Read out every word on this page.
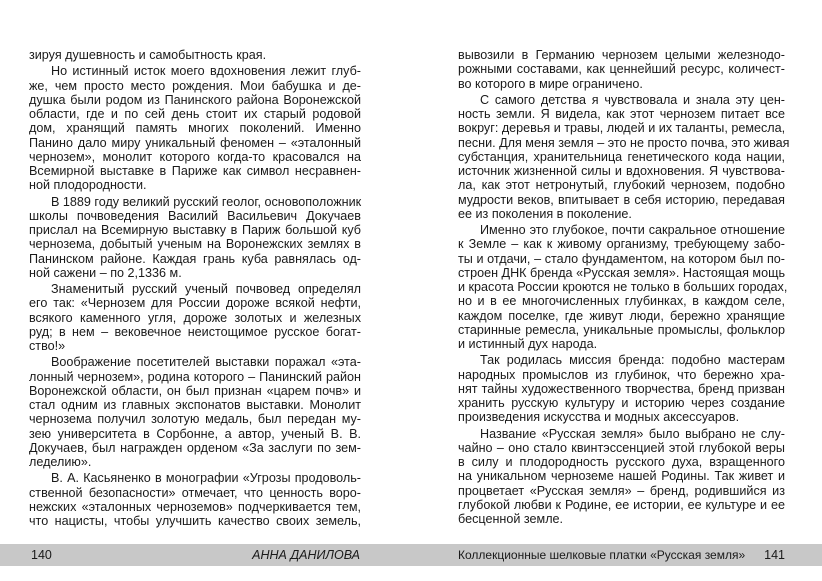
зируя душевность и самобытность края.
Но истинный исток моего вдохновения лежит глуб-
же, чем просто место рождения. Мои бабушка и де-
душка были родом из Панинского района Воронежской
области, где и по сей день стоит их старый родовой
дом, хранящий память многих поколений. Именно
Панино дало миру уникальный феномен – «эталонный
чернозем», монолит которого когда-то красовался на
Всемирной выставке в Париже как символ несравнен-
ной плодородности.
В 1889 году великий русский геолог, основоположник
школы почвоведения Василий Васильевич Докучаев
прислал на Всемирную выставку в Париж большой куб
чернозема, добытый ученым на Воронежских землях в
Панинском районе. Каждая грань куба равнялась од-
ной сажени – по 2,1336 м.
Знаменитый русский ученый почвовед определял
его так: «Чернозем для России дороже всякой нефти,
всякого каменного угля, дороже золотых и железных
руд; в нем – вековечное неистощимое русское богат-
ство!»
Воображение посетителей выставки поражал «эта-
лонный чернозем», родина которого – Панинский район
Воронежской области, он был признан «царем почв» и
стал одним из главных экспонатов выставки. Монолит
чернозема получил золотую медаль, был передан му-
зею университета в Сорбонне, а автор, ученый В. В.
Докучаев, был награжден орденом «За заслуги по зем-
леделию».
В. А. Касьяненко в монографии «Угрозы продоволь-
ственной безопасности» отмечает, что ценность воро-
нежских «эталонных черноземов» подчеркивается тем,
что нацисты, чтобы улучшить качество своих земель,
вывозили в Германию чернозем целыми железнодо-
рожными составами, как ценнейший ресурс, количест-
во которого в мире ограничено.
С самого детства я чувствовала и знала эту цен-
ность земли. Я видела, как этот чернозем питает все
вокруг: деревья и травы, людей и их таланты, ремесла,
песни. Для меня земля – это не просто почва, это живая
субстанция, хранительница генетического кода нации,
источник жизненной силы и вдохновения. Я чувствова-
ла, как этот нетронутый, глубокий чернозем, подобно
мудрости веков, впитывает в себя историю, передавая
ее из поколения в поколение.
Именно это глубокое, почти сакральное отношение
к Земле – как к живому организму, требующему забо-
ты и отдачи, – стало фундаментом, на котором был по-
строен ДНК бренда «Русская земля». Настоящая мощь
и красота России кроются не только в больших городах,
но и в ее многочисленных глубинках, в каждом селе,
каждом поселке, где живут люди, бережно хранящие
старинные ремесла, уникальные промыслы, фольклор
и истинный дух народа.
Так родилась миссия бренда: подобно мастерам
народных промыслов из глубинок, что бережно хра-
нят тайны художественного творчества, бренд призван
хранить русскую культуру и историю через создание
произведения искусства и модных аксессуаров.
Название «Русская земля» было выбрано не слу-
чайно – оно стало квинтэссенцией этой глубокой веры
в силу и плодородность русского духа, взращенного
на уникальном черноземе нашей Родины. Так живет и
процветает «Русская земля» – бренд, родившийся из
глубокой любви к Родине, ее истории, ее культуре и ее
бесценной земле.
140	АННА ДАНИЛОВА	Коллекционные шелковые платки «Русская земля» 141
